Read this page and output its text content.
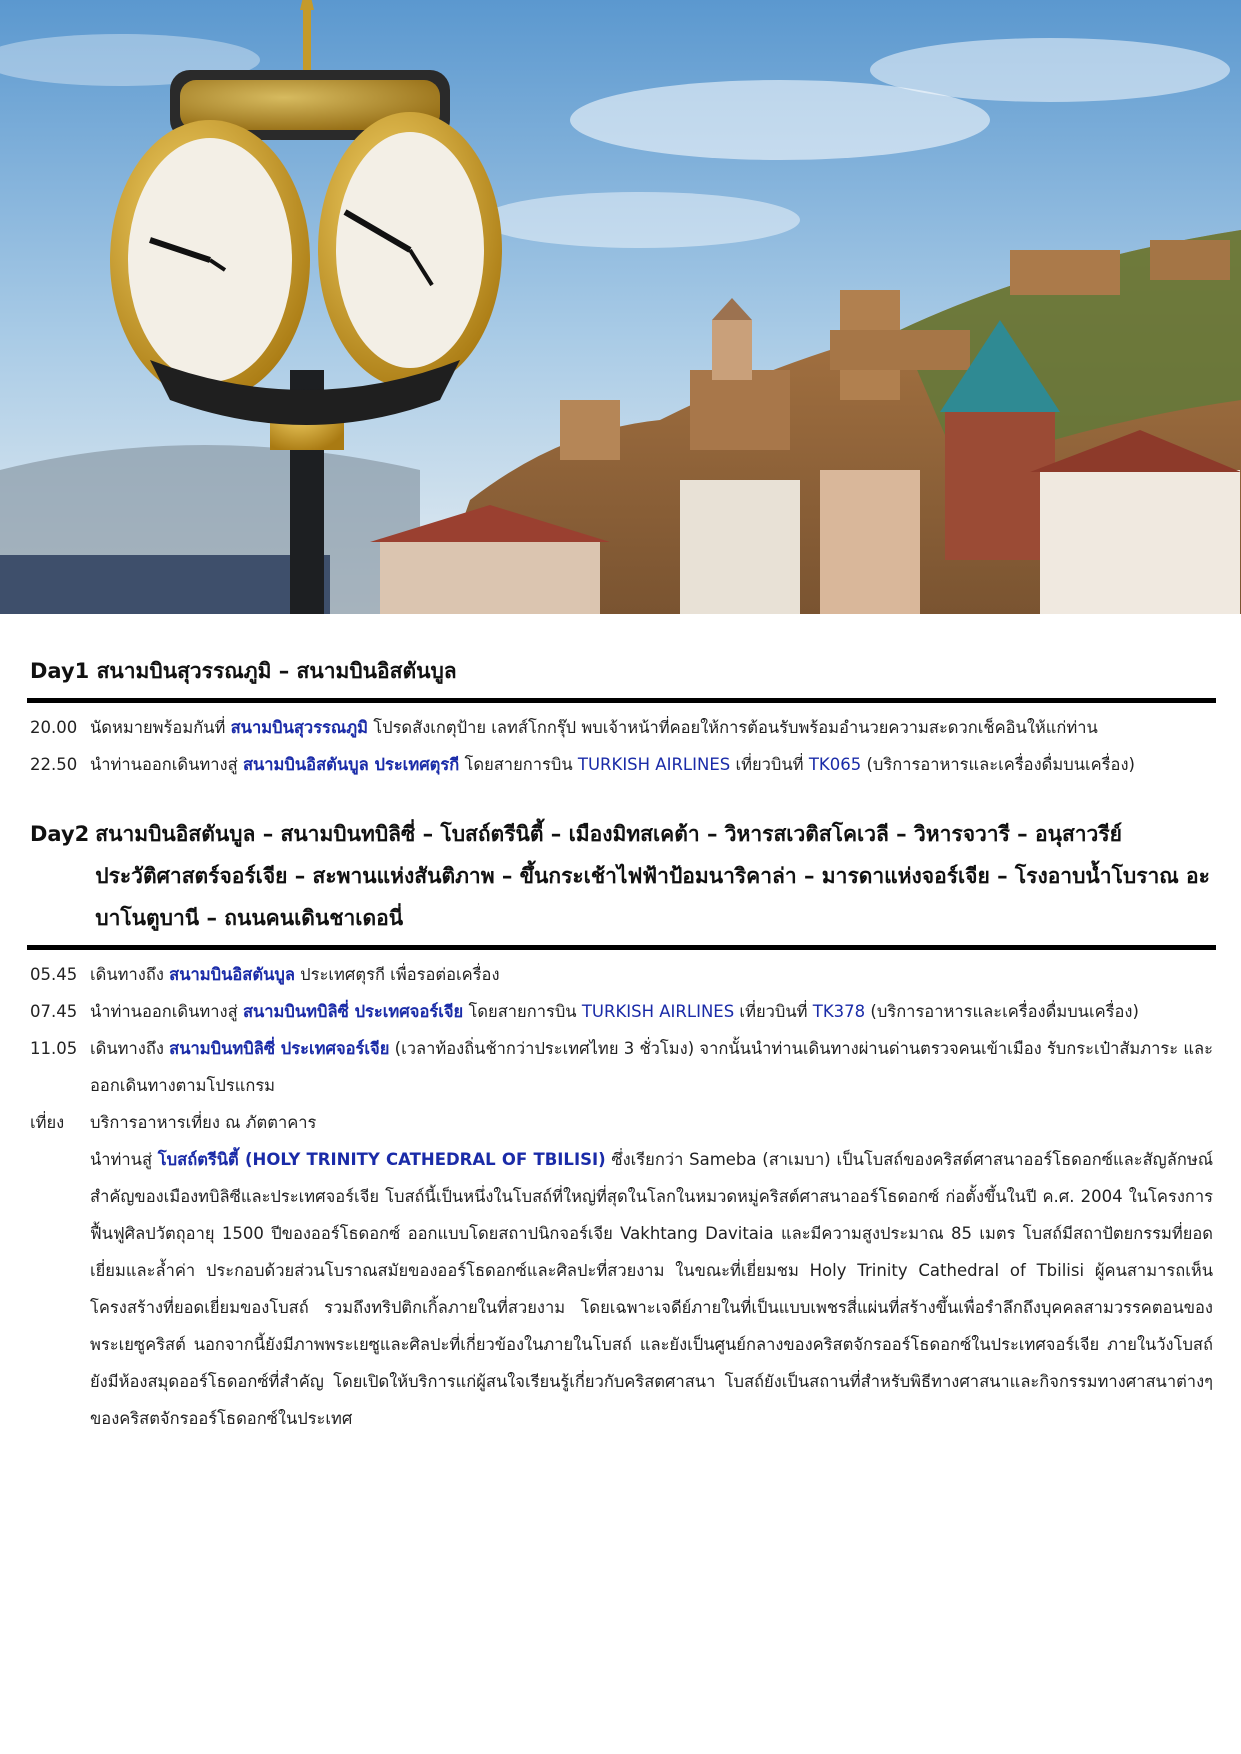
Day1 สนามบินสุวรรณภูมิ – สนามบินอิสตันบูล
20.00 นัดหมายพร้อมกันที่ สนามบินสุวรรณภูมิ โปรดสังเกตุป้าย เลทส์โกกรุ๊ป พบเจ้าหน้าที่คอยให้การต้อนรับพร้อมอำนวยความสะดวกเช็คอินให้แก่ท่าน
22.50 นำท่านออกเดินทางสู่ สนามบินอิสตันบูล ประเทศตุรกี โดยสายการบิน TURKISH AIRLINES เที่ยวบินที่ TK065 (บริการอาหารและเครื่องดื่มบนเครื่อง)
Day2 สนามบินอิสตันบูล – สนามบินทบิลิซี่ – โบสถ์ตรีนิตี้ – เมืองมิทสเคต้า – วิหารสเวติสโคเวลี – วิหารจวารี – อนุสาวรีย์ประวัติศาสตร์จอร์เจีย – สะพานแห่งสันติภาพ – ขึ้นกระเช้าไฟฟ้าป้อมนาริคาล่า – มารดาแห่งจอร์เจีย – โรงอาบน้ำโบราณ อะบาโนตูบานี – ถนนคนเดินชาเดอนี่
05.45 เดินทางถึง สนามบินอิสตันบูล ประเทศตุรกี เพื่อรอต่อเครื่อง
07.45 นำท่านออกเดินทางสู่ สนามบินทบิลิซี่ ประเทศจอร์เจีย โดยสายการบิน TURKISH AIRLINES เที่ยวบินที่ TK378 (บริการอาหารและเครื่องดื่มบนเครื่อง)
11.05 เดินทางถึง สนามบินทบิลิซี่ ประเทศจอร์เจีย (เวลาท้องถิ่นช้ากว่าประเทศไทย 3 ชั่วโมง) จากนั้นนำท่านเดินทางผ่านด่านตรวจคนเข้าเมือง รับกระเป๋าสัมภาระ และออกเดินทางตามโปรแกรม
เที่ยง	บริการอาหารเที่ยง ณ ภัตตาคาร
นำท่านสู่ โบสถ์ตรีนิตี้ (HOLY TRINITY CATHEDRAL OF TBILISI) ซึ่งเรียกว่า Sameba (สาเมบา) เป็นโบสถ์ของคริสต์ศาสนาออร์โธดอกซ์และสัญลักษณ์สำคัญของเมืองทบิลิซีและประเทศจอร์เจีย โบสถ์นี้เป็นหนึ่งในโบสถ์ที่ใหญ่ที่สุดในโลกในหมวดหมู่คริสต์ศาสนาออร์โธดอกซ์ ก่อตั้งขึ้นในปี ค.ศ. 2004 ในโครงการฟื้นฟูศิลปวัตถุอายุ 1500 ปีของออร์โธดอกซ์ ออกแบบโดยสถาปนิกจอร์เจีย Vakhtang Davitaia และมีความสูงประมาณ 85 เมตร โบสถ์มีสถาปัตยกรรมที่ยอดเยี่ยมและล้ำค่า ประกอบด้วยส่วนโบราณสมัยของออร์โธดอกซ์และศิลปะที่สวยงาม ในขณะที่เยี่ยมชม Holy Trinity Cathedral of Tbilisi ผู้คนสามารถเห็นโครงสร้างที่ยอดเยี่ยมของโบสถ์ รวมถึงทริปติกเกิ้ลภายในที่สวยงาม โดยเฉพาะเจดีย์ภายในที่เป็นแบบเพชรสี่แผ่นที่สร้างขึ้นเพื่อรำลึกถึงบุคคลสามวรรคตอนของพระเยซูคริสต์ นอกจากนี้ยังมีภาพพระเยซูและศิลปะที่เกี่ยวข้องในภายในโบสถ์ และยังเป็นศูนย์กลางของคริสตจักรออร์โธดอกซ์ในประเทศจอร์เจีย ภายในวังโบสถ์ยังมีห้องสมุดออร์โธดอกซ์ที่สำคัญ โดยเปิดให้บริการแก่ผู้สนใจเรียนรู้เกี่ยวกับคริสตศาสนา โบสถ์ยังเป็นสถานที่สำหรับพิธีทางศาสนาและกิจกรรมทางศาสนาต่างๆ ของคริสตจักรออร์โธดอกซ์ในประเทศ
